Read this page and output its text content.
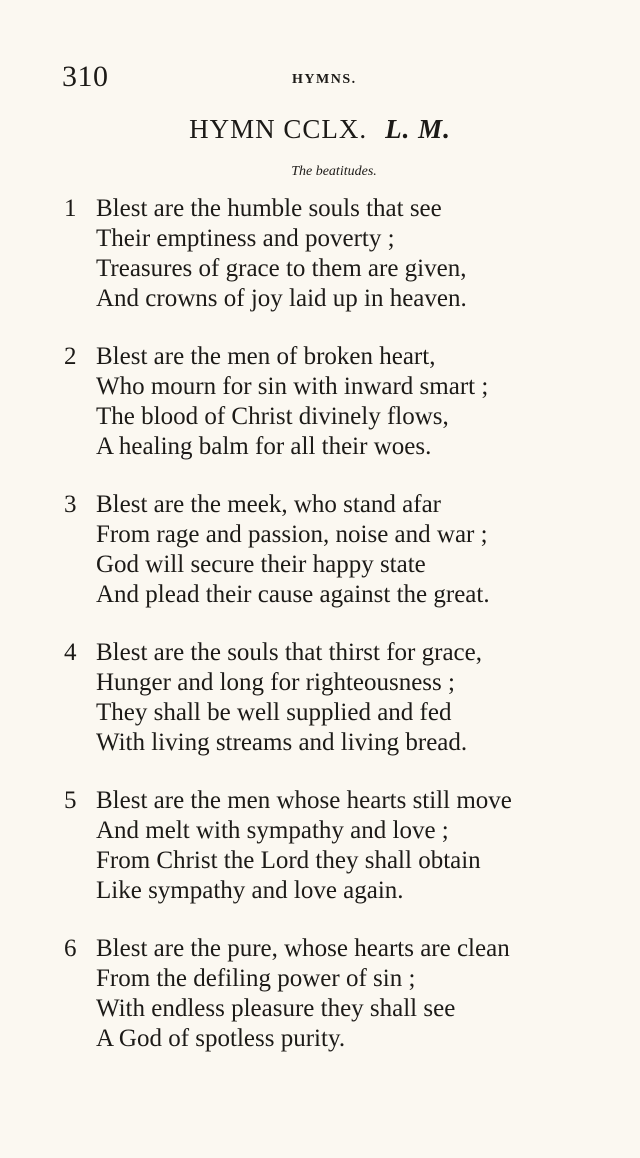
310	HYMNS.
HYMN CCLX. L. M.
The beatitudes.
1 Blest are the humble souls that see
Their emptiness and poverty ;
Treasures of grace to them are given,
And crowns of joy laid up in heaven.
2 Blest are the men of broken heart,
Who mourn for sin with inward smart ;
The blood of Christ divinely flows,
A healing balm for all their woes.
3 Blest are the meek, who stand afar
From rage and passion, noise and war ;
God will secure their happy state
And plead their cause against the great.
4 Blest are the souls that thirst for grace,
Hunger and long for righteousness ;
They shall be well supplied and fed
With living streams and living bread.
5 Blest are the men whose hearts still move
And melt with sympathy and love ;
From Christ the Lord they shall obtain
Like sympathy and love again.
6 Blest are the pure, whose hearts are clean
From the defiling power of sin ;
With endless pleasure they shall see
A God of spotless purity.
